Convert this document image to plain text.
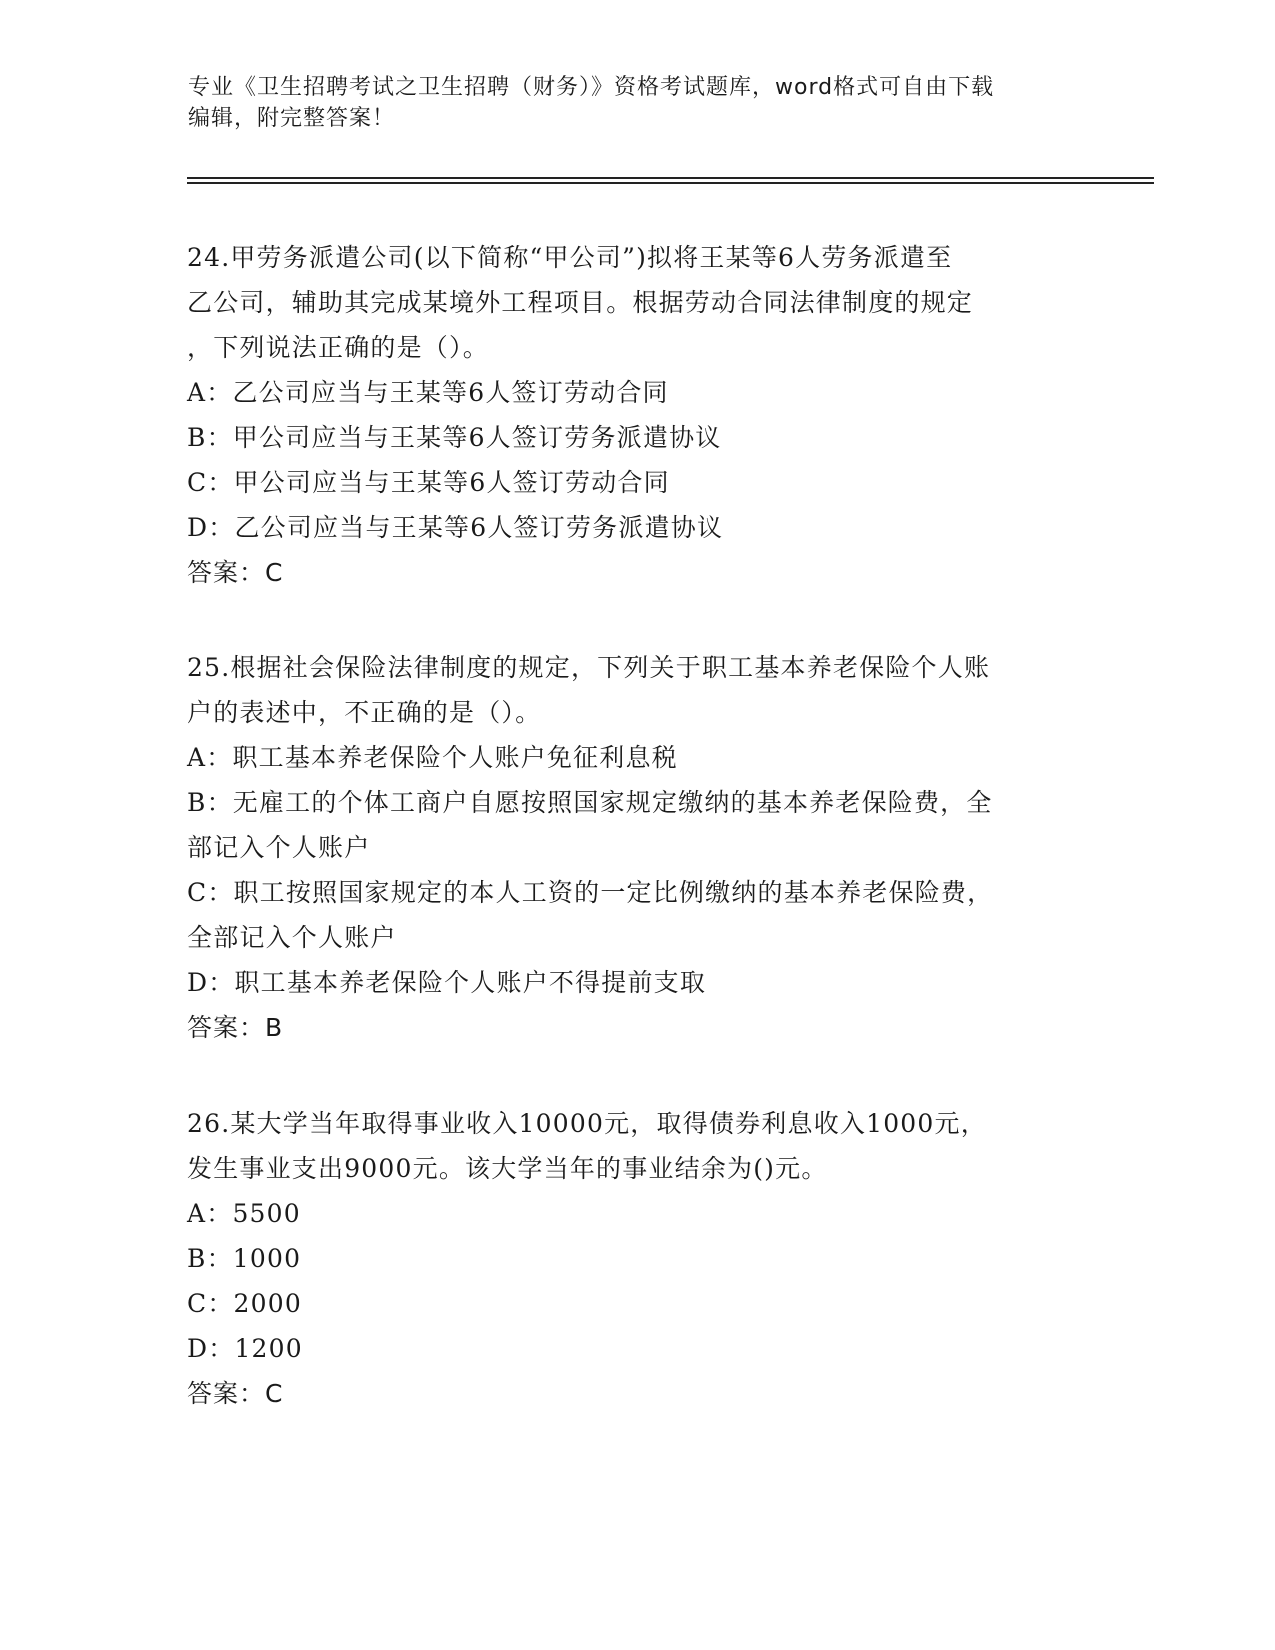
专业《卫生招聘考试之卫生招聘（财务）》资格考试题库，word格式可自由下载
编辑，附完整答案！
24.甲劳务派遣公司(以下简称“甲公司”)拟将王某等6人劳务派遣至
乙公司，辅助其完成某境外工程项目。根据劳动合同法律制度的规定
，下列说法正确的是（）。
A：乙公司应当与王某等6人签订劳动合同
B：甲公司应当与王某等6人签订劳务派遣协议
C：甲公司应当与王某等6人签订劳动合同
D：乙公司应当与王某等6人签订劳务派遣协议
答案：C
25.根据社会保险法律制度的规定，下列关于职工基本养老保险个人账
户的表述中，不正确的是（）。
A：职工基本养老保险个人账户免征利息税
B：无雇工的个体工商户自愿按照国家规定缴纳的基本养老保险费，全
部记入个人账户
C：职工按照国家规定的本人工资的一定比例缴纳的基本养老保险费，
全部记入个人账户
D：职工基本养老保险个人账户不得提前支取
答案：B
26.某大学当年取得事业收入10000元，取得债券利息收入1000元，
发生事业支出9000元。该大学当年的事业结余为()元。
A：5500
B：1000
C：2000
D：1200
答案：C
